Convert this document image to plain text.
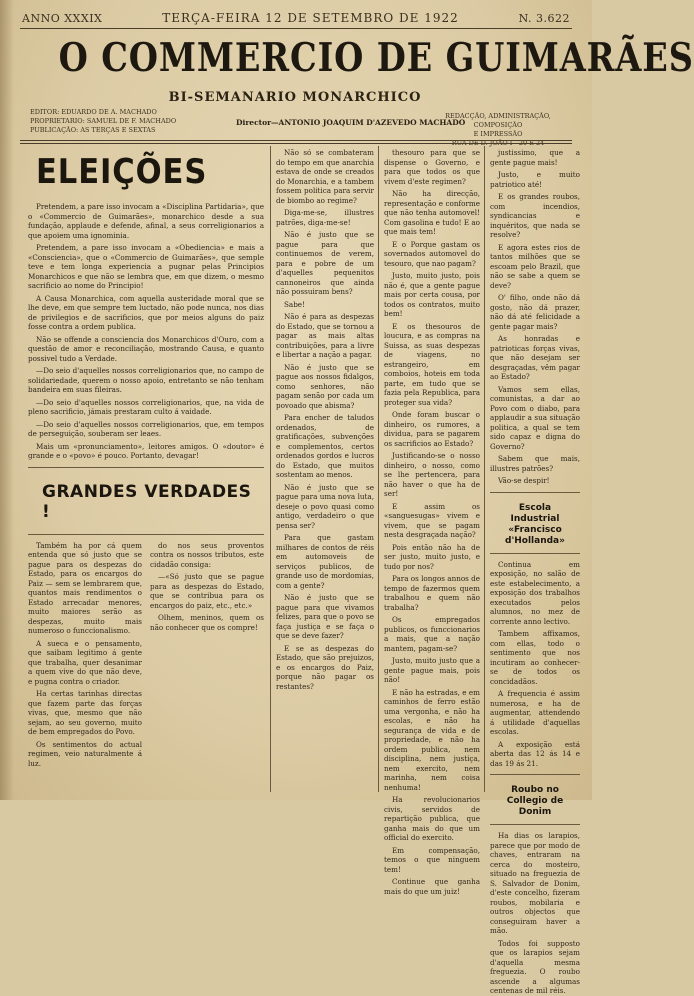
ANNO XXXIX	TERÇA-FEIRA 12 DE SETEMBRO DE 1922	N. 3.622
O COMMERCIO DE GUIMARÃES
BI-SEMANARIO MONARCHICO
EDITOR: EDUARDO DE A. MACHADO
PROPRIETARIO: SAMUEL DE F. MACHADO
PUBLICAÇÃO: AS TERÇAS E SEXTAS
Director—ANTONIO JOAQUIM D'AZEVEDO MACHADO
REDACÇÃO, ADMINISTRAÇÃO, COMPOSIÇÃO
E IMPRESSÃO
RUA DE D. JOÃO I—20 E 24
ELEIÇÕES

Pretendem, a pare isso invocam a «Disciplina Partidaria», que o «Commercio de Guimarães», monarchico desde a sua fundação, applaude e defende, afinal, a seus correligionarios a que apoiem uma ignominia.

Pretendem, a pare isso invocam a «Obediencia» e mais a «Consciencia», que o «Commercio de Guimarães», que semple teve e tem longa experiencia a pugnar pelas Principios Monarchicos e que não se lembra que, em que dizem, o mesmo sacrificio ao nome do Principio!

A Causa Monarchica, com aquella austeridade moral que se lhe deve, em que sempre tem luctado, não pode nunca, nos dias de privilegios e de sacrificios, que por meios alguns do paiz fosse contra a ordem publica.

Não se offende a consciencia dos Monarchicos d'Ouro, com a questão de amor e reconciliação, mostrando Causa, e quanto possivel tudo a Verdade.

—Do seio d'aquelles nossos correligionarios que, no campo de solidariedade, querem o nosso apoio, entretanto se não tenham bandeira em suas fileiras.

—Do seio d'aquelles nossos correligionarios, que, na vida de pleno sacrificio, jámais prestaram culto á vaidade.

—Do seio d'aquelles nossos correligionarios, que, em tempos de perseguição, souberam ser leaes.

Mais um «pronunciamento», leitores amigos. O «doutor» é grande e o «povo» é pouco. Portanto, devagar!

GRANDES VERDADES !

Também ha por cá quem entenda que só justo que se pague para os despezas do Estado, para os encargos do Paiz — sem se lembrarem que, quantos mais rendimentos o Estado arrecadar menores, muito maiores serão as despezas, muito mais numeroso o funccionalismo.

A sueca e o pensamento, que saibam legitimo á gente que trabalha, quer desanimar a quem vive do que não deve, e pugna contra o criador.

Ha certas tarinhas directas que fazem parte das forças vivas, que, mesmo que não sejam, ao seu governo, muito de bem empregados do Povo.

Os sentimentos do actual regimen, veio naturalmente á luz.

do nos seus proventos contra os nossos tributos, este cidadão consiga:

—«Só justo que se pague para as despezas do Estado, que se contribua para os encargos do paiz, etc., etc.»

Olhem, meninos, quem os não conhecer que os compre!

Não só se combateram do tempo em que anarchia estava de onde se creados do Monarchia, e a tambem fossem politica para servir de biombo ao regime?

Diga-me-se, illustres patrões, diga-me-se!

Não é justo que se pague para que continuemos de verem, para e pobre de um d'aquelles pequenitos cannoneiros que ainda não possuiram bens?

Sabe!

Não é para as despezas do Estado, que se tornou a pagar as mais altas contribuições, para a livre e libertar a nação a pagar.

Não é justo que se pague aos nossos fidalgos, como senhores, não pagam senão por cada um povoado que abisma?

Para encher de taludos ordenados, de gratificações, subvenções e complementos, certos ordenados gordos e lucros do Estado, que muitos sostentam ao menos.

Não é justo que se pague para uma nova luta, deseje o povo quasi como antigo, verdadeiro o que pensa ser?

Para que gastam milhares de contos de réis em automoveis de serviços publicos, de grande uso de mordomias, com a gente?

Não é justo que se pague para que vivamos felizes, para que o povo se faça justiça e se faça o que se deve fazer?

E se as despezas do Estado, que são prejuizos, e os encargos do Paiz, porque não pagar os restantes?

thesouro para que se dispense o Governo, e para que todos os que vivem d'este regimen?

Não ha direcção, representação e conforme que não tenha automovel! Com gasolina e tudo! E ao que mais tem!

E o Porque gastam os sovernados automovel do tesouro, que nao pagam?

Justo, muito justo, pois não é, que a gente pague mais por certa cousa, por todos os contratos, muito bem!

E os thesouros de loucura, e as compras na Suissa, as suas despezas de viagens, no estrangeiro, em comboios, hoteis em toda parte, em tudo que se fazia pela Republica, para proteger sua vida?

Onde foram buscar o dinheiro, os rumores, a dividua, para se pagarem os sacrificios ao Estado?

Justificando-se o nosso dinheiro, o nosso, como se lhe pertencera, para não haver o que ha de ser!

E assim os «sanguesugas» vivem e vivem, que se pagam nesta desgraçada nação?

Pois então não ha de ser justo, muito justo, e tudo por nos?

Para os longos annos de tempo de fazermos quem trabalhou e quem não trabalha?

Os empregados publicos, os funccionarios a mais, que a nação mantem, pagam-se?

Justo, muito justo que a gente pague mais, pois não!

E não ha estradas, e em caminhos de ferro estão uma vergonha, e não ha escolas, e não ha segurança de vida e de propriedade, e não ha ordem publica, nem disciplina, nem justiça, nem exercito, nem marinha, nem coisa nenhuma!

Ha revolucionarios civis, servidos de repartição publica, que ganha mais do que um official do exercito.

Em compensação, temos o que ninguem tem!

Continue que ganha mais do que um juiz!

justissimo, que a gente pague mais!

Justo, e muito patriotico até!

E os grandes roubos, com incendios, syndicancias e inquéritos, que nada se resolve?

E agora estes rios de tantos milhões que se escoam pelo Brazil, que não se sabe a quem se deve?

O' filho, onde não dá gosto, não dá prazer, não dá até felicidade a gente pagar mais?

As honradas e patrioticas forças vivas, que não desejam ser desgraçadas, vêm pagar ao Estado?

Vamos sem ellas, comunistas, a dar ao Povo com o diabo, para applaudir a sua situação politica, a qual se tem sido capaz e digna do Governo?

Sabem que mais, illustres patrões?

Vão-se despir!

Escola Industrial «Francisco d'Hollanda»

Continua em exposição, no salão de este estabelecimento, a exposição dos trabalhos executados pelos alumnos, no mez de corrente anno lectivo.

Tambem affixamos, com ellas, todo o sentimento que nos incutiram ao conhecer-se de todos os concidadãos.

A frequencia é assim numerosa, e ha de augmentar, attendendo á utilidade d'aquellas escolas.

A exposição está aberta das 12 ás 14 e das 19 ás 21.

Roubo no Collegio de Donim

Ha dias os larapios, parece que por modo de chaves, entraram na cerca do mosteiro, situado na freguezia de S. Salvador de Donim, d'este concelho, fizeram roubos, mobilaria e outros objectos que conseguiram haver a mão.

Todos foi supposto que os larapios sejam d'aquella mesma freguezia. O roubo ascende a algumas centenas de mil réis.
